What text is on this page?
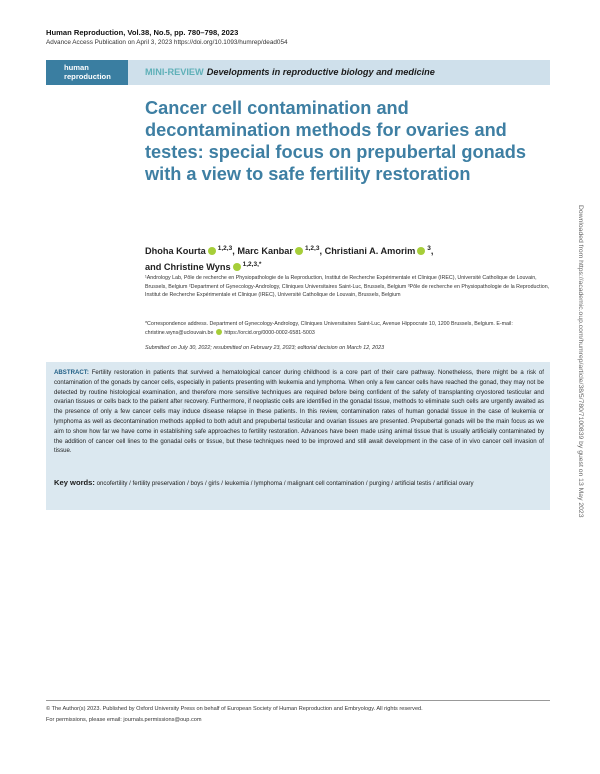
Human Reproduction, Vol.38, No.5, pp. 780–798, 2023
Advance Access Publication on April 3, 2023 https://doi.org/10.1093/humrep/dead054
human
reproduction	MINI-REVIEW Developments in reproductive biology and medicine
Cancer cell contamination and decontamination methods for ovaries and testes: special focus on prepubertal gonads with a view to safe fertility restoration
Dhoha Kourta $^{1,2,3}$, Marc Kanbar $^{1,2,3}$, Christiani A. Amorim $^3$,
and Christine Wyns $^{1,2,3,*}$
¹Andrology Lab, Pôle de recherche en Physiopathologie de la Reproduction, Institut de Recherche Expérimentale et Clinique (IREC), Université Catholique de Louvain, Brussels, Belgium ²Department of Gynecology-Andrology, Cliniques Universitaires Saint-Luc, Brussels, Belgium ³Pôle de recherche en Physiopathologie de la Reproduction, Institut de Recherche Expérimentale et Clinique (IREC), Université Catholique de Louvain, Brussels, Belgium
*Correspondence address. Department of Gynecology-Andrology, Cliniques Universitaires Saint-Luc, Avenue Hippocrate 10, 1200 Brussels, Belgium. E-mail: christine.wyns@uclouvain.be https://orcid.org/0000-0002-6581-5003
Submitted on July 30, 2022; resubmitted on February 23, 2023; editorial decision on March 12, 2023
ABSTRACT: Fertility restoration in patients that survived a hematological cancer during childhood is a core part of their care pathway. Nonetheless, there might be a risk of contamination of the gonads by cancer cells, especially in patients presenting with leukemia and lymphoma. When only a few cancer cells have reached the gonad, they may not be detected by routine histological examination, and therefore more sensitive techniques are required before being confident of the safety of transplanting cryostored testicular and ovarian tissues or cells back to the patient after recovery. Furthermore, if neoplastic cells are identified in the gonadal tissue, methods to eliminate such cells are urgently awaited as the presence of only a few cancer cells may induce disease relapse in these patients. In this review, contamination rates of human gonadal tissue in the case of leukemia or lymphoma as well as decontamination methods applied to both adult and prepubertal testicular and ovarian tissues are presented. Prepubertal gonads will be the main focus as we aim to show how far we have come in establishing safe approaches to fertility restoration. Advances have been made using animal tissue that is usually artificially contaminated by the addition of cancer cell lines to the gonadal cells or tissue, but these techniques need to be improved and still await development in the case of in vivo cancer cell invasion of tissue.
Key words: oncofertility / fertility preservation / boys / girls / leukemia / lymphoma / malignant cell contamination / purging / artificial testis / artificial ovary
© The Author(s) 2023. Published by Oxford University Press on behalf of European Society of Human Reproduction and Embryology. All rights reserved.
For permissions, please email: journals.permissions@oup.com
Downloaded from https://academic.oup.com/humrep/article/38/5/780/7100839 by guest on 13 May 2023
